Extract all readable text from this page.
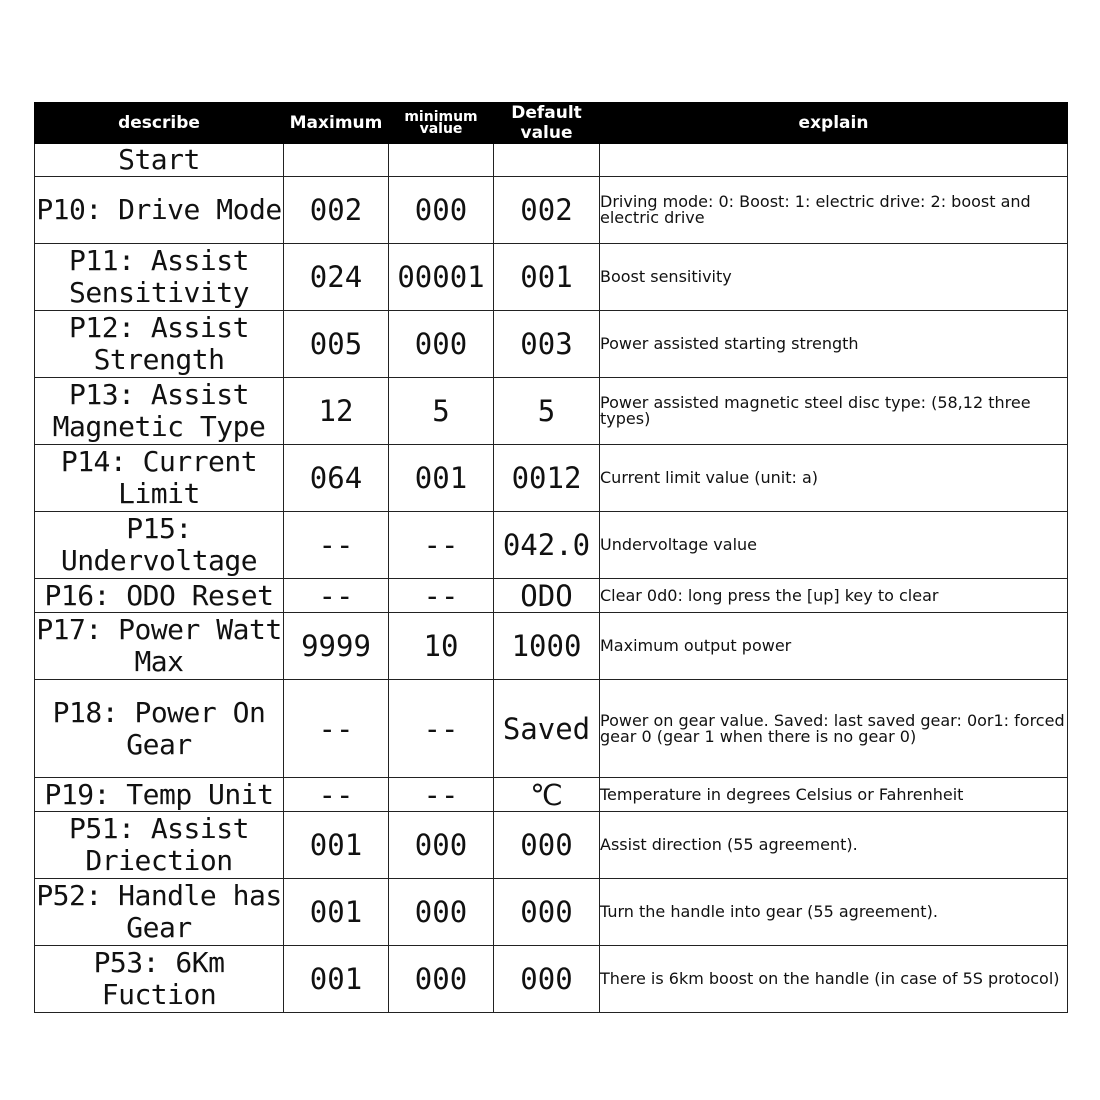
describe	Maximum	minimum value	Default value	explain
Start				
P10: Drive Mode	002	000	002	Driving mode: 0: Boost: 1: electric drive: 2: boost and electric drive
P11: Assist Sensitivity	024	00001	001	Boost sensitivity
P12: Assist Strength	005	000	003	Power assisted starting strength
P13: Assist Magnetic Type	12	5	5	Power assisted magnetic steel disc type: (58,12 three types)
P14: Current Limit	064	001	0012	Current limit value (unit: a)
P15: Undervoltage	--	--	042.0	Undervoltage value
P16: ODO Reset	--	--	ODO	Clear 0d0: long press the [up] key to clear
P17: Power Watt Max	9999	10	1000	Maximum output power
P18: Power On Gear	--	--	Saved	Power on gear value. Saved: last saved gear: 0or1: forced gear 0 (gear 1 when there is no gear 0)
P19: Temp Unit	--	--	℃	Temperature in degrees Celsius or Fahrenheit
P51: Assist Driection	001	000	000	Assist direction (55 agreement).
P52: Handle has Gear	001	000	000	Turn the handle into gear (55 agreement).
P53: 6Km Fuction	001	000	000	There is 6km boost on the handle (in case of 5S protocol)
